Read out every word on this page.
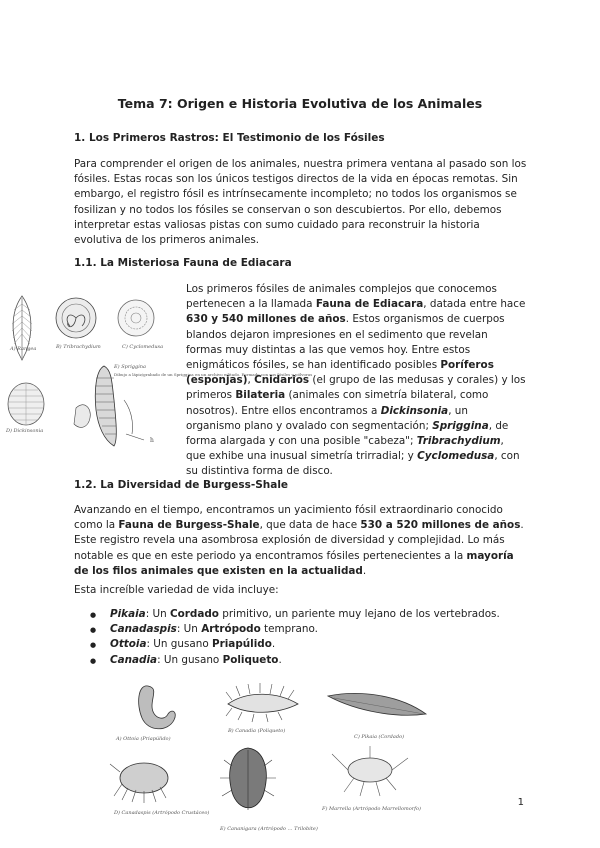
Tema 7: Origen e Historia Evolutiva de los Animales
1. Los Primeros Rastros: El Testimonio de los Fósiles
Para comprender el origen de los animales, nuestra primera ventana al pasado son los fósiles. Estas rocas son los únicos testigos directos de la vida en épocas remotas. Sin embargo, el registro fósil es intrínsecamente incompleto; no todos los organismos se fosilizan y no todos los fósiles se conservan o son descubiertos. Por ello, debemos interpretar estas valiosas pistas con sumo cuidado para reconstruir la historia evolutiva de los primeros animales.
1.1. La Misteriosa Fauna de Ediacara
A) Rangea	B) Tribrachydium	C) Cyclomedusa
D) Dickinsonia
E) Spriggina
Dibujo a lápiz/grabado de un Spriggina en un archivo editado. Formado con sus fósiles y pólvoras
h
Los primeros fósiles de animales complejos que conocemos pertenecen a la llamada Fauna de Ediacara, datada entre hace 630 y 540 millones de años. Estos organismos de cuerpos blandos dejaron impresiones en el sedimento que revelan formas muy distintas a las que vemos hoy. Entre estos enigmáticos fósiles, se han identificado posibles Poríferos (esponjas), Cnidarios (el grupo de las medusas y corales) y los primeros Bilateria (animales con simetría bilateral, como nosotros). Entre ellos encontramos a Dickinsonia, un organismo plano y ovalado con segmentación; Spriggina, de forma alargada y con una posible "cabeza"; Tribrachydium, que exhibe una inusual simetría trirradial; y Cyclomedusa, con su distintiva forma de disco.
1.2. La Diversidad de Burgess-Shale
Avanzando en el tiempo, encontramos un yacimiento fósil extraordinario conocido como la Fauna de Burgess-Shale, que data de hace 530 a 520 millones de años. Este registro revela una asombrosa explosión de diversidad y complejidad. Lo más notable es que en este periodo ya encontramos fósiles pertenecientes a la mayoría de los filos animales que existen en la actualidad.
Esta increíble variedad de vida incluye:
● Pikaia: Un Cordado primitivo, un pariente muy lejano de los vertebrados.
● Canadaspis: Un Artrópodo temprano.
● Ottoia: Un gusano Priapúlido.
● Canadia: Un gusano Poliqueto.
A) Ottoia (Priapúlido)
B) Canadia (Poliqueto)
C) Pikaia (Cordado)
D) Canadaspis (Artrópodo Crustáceo)
E) Cananigara (Artrópodo … Trilobite)
F) Marrella (Artrópodo Marrellomorfo)
1
